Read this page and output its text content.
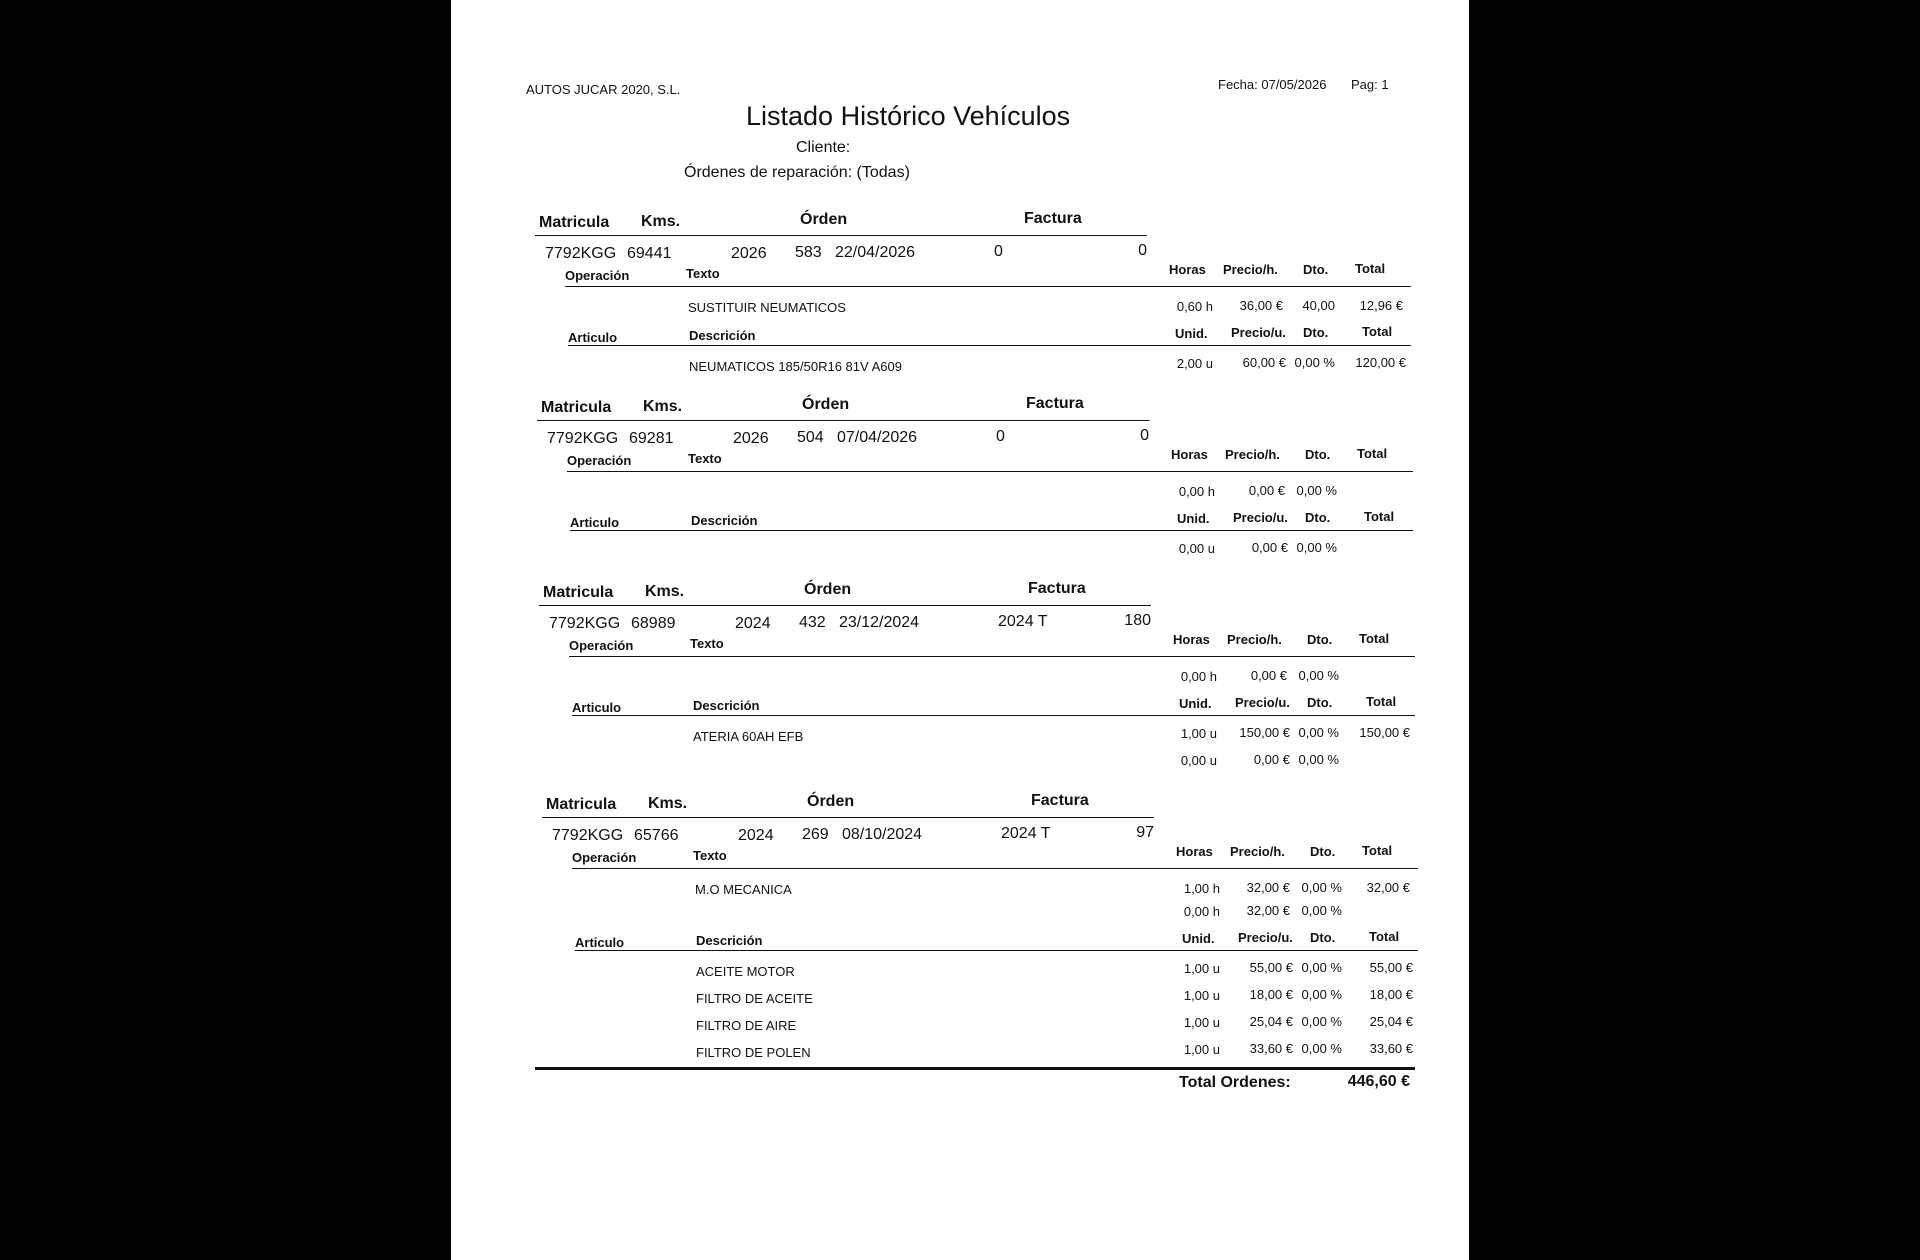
AUTOS JUCAR 2020, S.L.	Fecha: 07/05/2026 Pag: 1
Listado Histórico Vehículos
Cliente:
Órdenes de reparación: (Todas)
Matricula Kms.	Órden	Factura
7792KGG 69441	2026 583 22/04/2026	0	0
Operación	Texto	Horas Precio/h. Dto. Total
SUSTITUIR NEUMATICOS	0,60 h	36,00 €	40,00	12,96 €
Articulo	Descrición	Unid. Precio/u. Dto.	Total
NEUMATICOS 185/50R16 81V A609	2,00 u	60,00 € 0,00 %	120,00 €
Matricula Kms.	Órden	Factura
7792KGG 69281	2026 504 07/04/2026	0	0
Operación	Texto	Horas Precio/h. Dto. Total
0,00 h	0,00 € 0,00 %
Articulo	Descrición	Unid. Precio/u. Dto.	Total
0,00 u	0,00 € 0,00 %
Matricula Kms.	Órden	Factura
7792KGG 68989	2024 432 23/12/2024	2024 T	180
Operación	Texto	Horas Precio/h. Dto. Total
0,00 h	0,00 € 0,00 %
Articulo	Descrición	Unid. Precio/u. Dto.	Total
ATERIA 60AH EFB	1,00 u	150,00 € 0,00 %	150,00 €
0,00 u	0,00 € 0,00 %
Matricula Kms.	Órden	Factura
7792KGG 65766	2024 269 08/10/2024	2024 T	97
Operación	Texto	Horas Precio/h. Dto. Total
M.O MECANICA	1,00 h	32,00 € 0,00 %	32,00 €
0,00 h	32,00 € 0,00 %
Articulo	Descrición	Unid. Precio/u. Dto.	Total
ACEITE MOTOR	1,00 u	55,00 € 0,00 %	55,00 €
FILTRO DE ACEITE	1,00 u	18,00 € 0,00 %	18,00 €
FILTRO DE AIRE	1,00 u	25,04 € 0,00 %	25,04 €
FILTRO DE POLEN	1,00 u	33,60 € 0,00 %	33,60 €
Total Ordenes:	446,60 €
